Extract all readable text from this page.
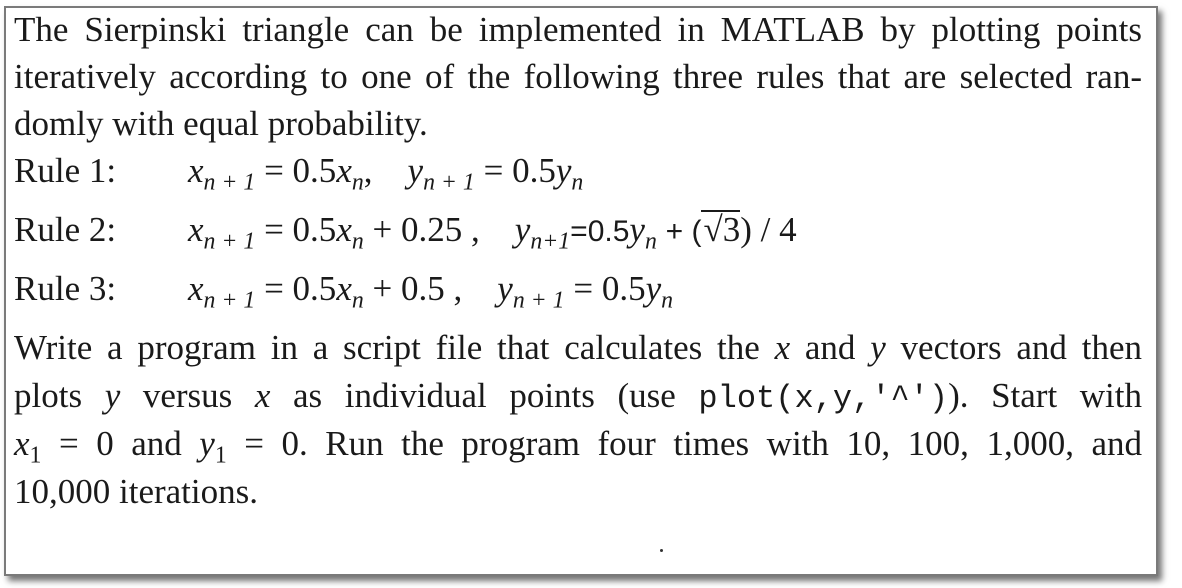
The Sierpinski triangle can be implemented in MATLAB by plotting points
iteratively according to one of the following three rules that are selected ran-
domly with equal probability.
Rule 1: $x_{n + 1} = 0.5x_n$, $y_{n + 1} = 0.5y_n$
Rule 2: $x_{n + 1} = 0.5x_n + 0.25$ , $y_{n+1}=0.5y_n + (√3) / 4$
Rule 3: $x_{n + 1} = 0.5x_n + 0.5$ , $y_{n + 1} = 0.5y_n$
Write a program in a script file that calculates the x and y vectors and then
plots y versus x as individual points (use plot(x,y,'^')). Start with
$x_1 = 0$ and $y_1 = 0$. Run the program four times with 10, 100, 1,000, and
10,000 iterations.
